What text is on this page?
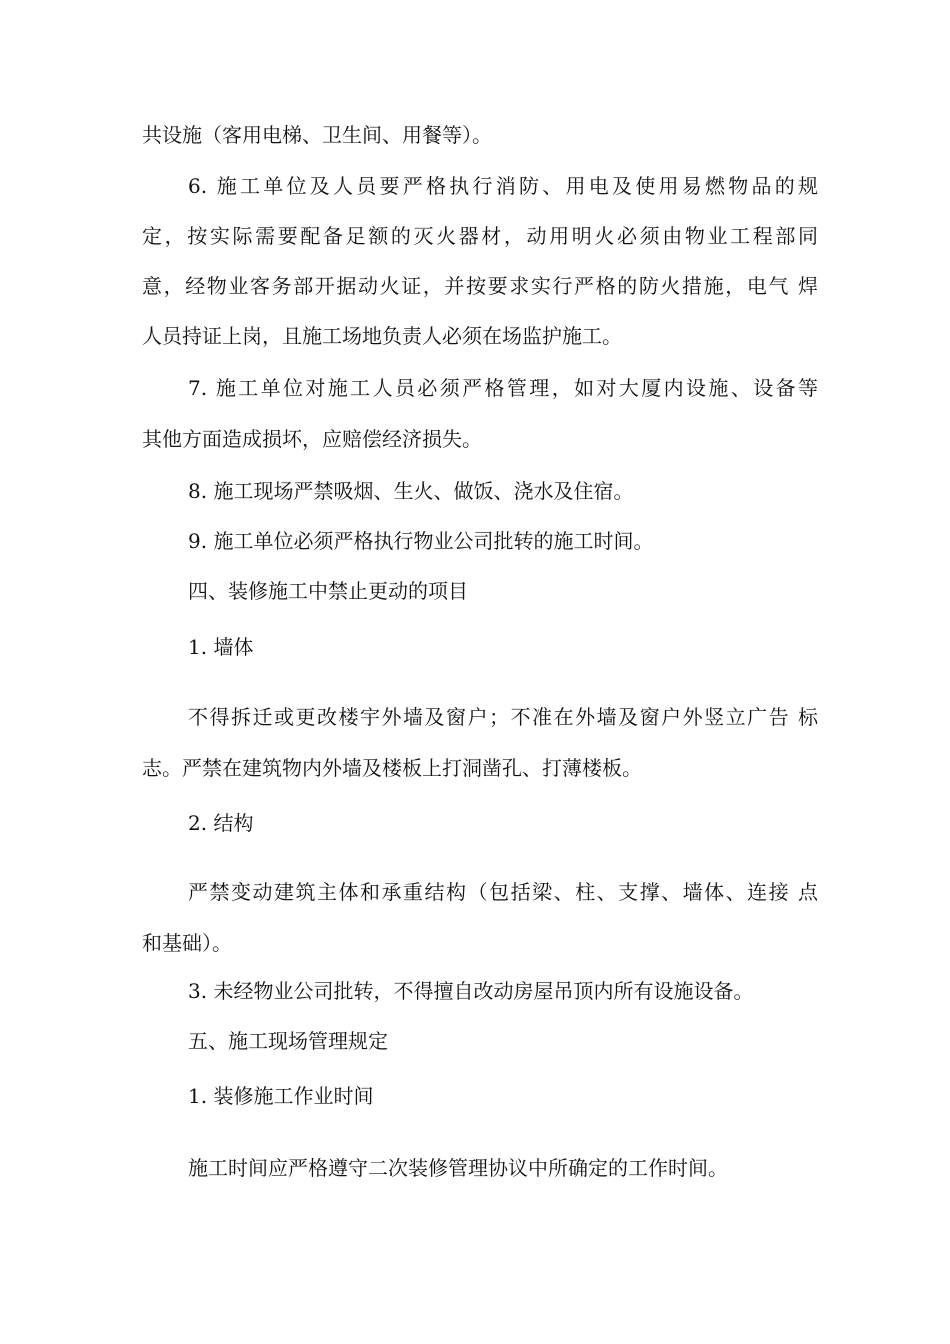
共设施（客用电梯、卫生间、用餐等）。
6. 施工单位及人员要严格执行消防、用电及使用易燃物品的规
定，按实际需要配备足额的灭火器材，动用明火必须由物业工程部同
意，经物业客务部开据动火证，并按要求实行严格的防火措施，电气 焊
人员持证上岗，且施工场地负责人必须在场监护施工。
7. 施工单位对施工人员必须严格管理，如对大厦内设施、设备等
其他方面造成损坏，应赔偿经济损失。
8. 施工现场严禁吸烟、生火、做饭、浇水及住宿。
9. 施工单位必须严格执行物业公司批转的施工时间。
四、装修施工中禁止更动的项目
1. 墙体
不得拆迁或更改楼宇外墙及窗户；不准在外墙及窗户外竖立广告 标
志。严禁在建筑物内外墙及楼板上打洞凿孔、打薄楼板。
2. 结构
严禁变动建筑主体和承重结构（包括梁、柱、支撑、墙体、连接 点
和基础）。
3. 未经物业公司批转，不得擅自改动房屋吊顶内所有设施设备。
五、施工现场管理规定
1. 装修施工作业时间
施工时间应严格遵守二次装修管理协议中所确定的工作时间。
